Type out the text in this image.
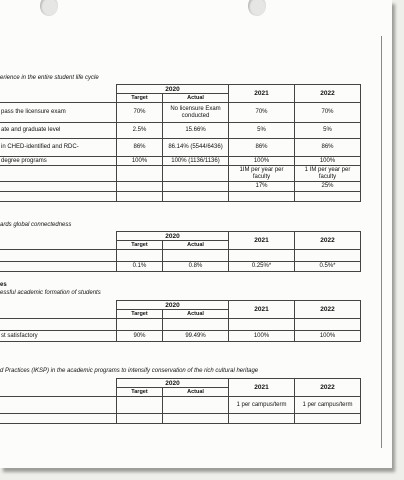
erience in the entire student life cycle
	2020		2021	2022
	Target	Actual		
pass the licensure exam	70%	No licensure Exam conducted	70%	70%
ate and graduate level	2.5%	15.66%	5%	5%
in CHED-identified and RDC-	86%	86.14% (5544/6436)	86%	86%
degree programs	100%	100% (1136/1136)	100%	100%
			1IM per year per faculty	1 IM per year per faculty
			17%	25%

ards global connectedness
	2020		2021	2022
	Target	Actual		

	0.1%	0.8%	0.25%*	0.5%*
es
essful academic formation of students
	2020		2021	2022
	Target	Actual		

st satisfactory	90%	99.49%	100%	100%
d Practices (IKSP) in the academic programs to intensify conservation of the rich cultural heritage
	2020		2021	2022
	Target	Actual		
			1 per campus/term	1 per campus/term
